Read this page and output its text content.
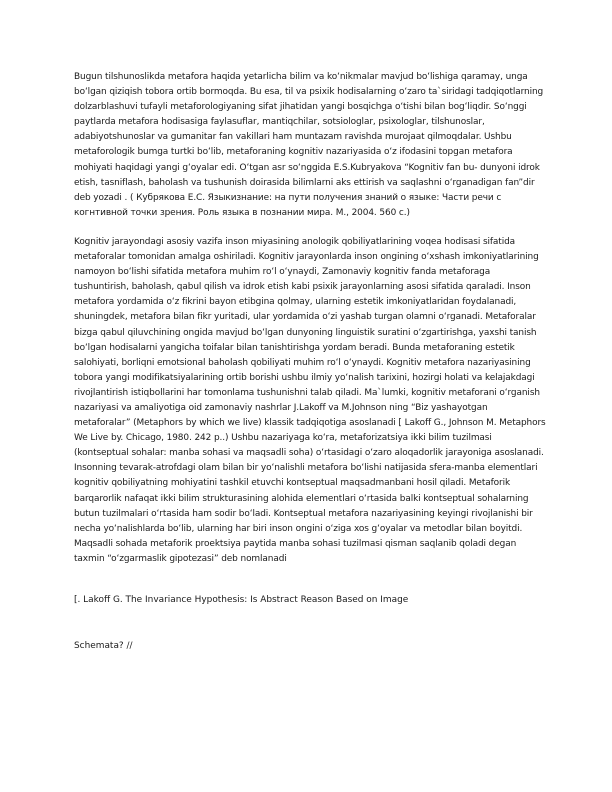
Bugun tilshunoslikda metafora haqida yetarlicha bilim va koʻnikmalar mavjud boʻlishiga qaramay, unga boʻlgan qiziqish tobora ortib bormoqda. Bu esa, til va psixik hodisalarning oʻzaro ta`siridagi tadqiqotlarning dolzarblashuvi tufayli metaforologiyaning sifat jihatidan yangi bosqichga oʻtishi bilan bogʻliqdir. Soʻnggi paytlarda metafora hodisasiga faylasuflar, mantiqchilar, sotsiologlar, psixologlar, tilshunoslar, adabiyotshunoslar va gumanitar fan vakillari ham muntazam ravishda murojaat qilmoqdalar. Ushbu metaforologik bumga turtki boʻlib, metaforaning kognitiv nazariyasida oʻz ifodasini topgan metafora mohiyati haqidagi yangi gʻoyalar edi. Oʻtgan asr soʻnggida E.S.Kubryakova “Kognitiv fan bu- dunyoni idrok etish, tasniflash, baholash va tushunish doirasida bilimlarni aks ettirish va saqlashni oʻrganadigan fan”dir deb yozadi . ( Кубрякова Е.С. Языкизнание: на пути получения знаний о языке: Части речи с когнтивной точки зрения. Роль языка в познании мира. М., 2004. 560 с.)

Kognitiv jarayondagi asosiy vazifa inson miyasining anologik qobiliyatlarining voqea hodisasi sifatida metaforalar tomonidan amalga oshiriladi. Kognitiv jarayonlarda inson ongining oʻxshash imkoniyatlarining namoyon boʻlishi sifatida metafora muhim roʻl oʻynaydi, Zamonaviy kognitiv fanda metaforaga tushuntirish, baholash, qabul qilish va idrok etish kabi psixik jarayonlarning asosi sifatida qaraladi. Inson metafora yordamida oʻz fikrini bayon etibgina qolmay, ularning estetik imkoniyatlaridan foydalanadi, shuningdek, metafora bilan fikr yuritadi, ular yordamida oʻzi yashab turgan olamni oʻrganadi. Metaforalar bizga qabul qiluvchining ongida mavjud boʻlgan dunyoning linguistik suratini oʻzgartirishga, yaxshi tanish boʻlgan hodisalarni yangicha toifalar bilan tanishtirishga yordam beradi. Bunda metaforaning estetik salohiyati, borliqni emotsional baholash qobiliyati muhim roʻl oʻynaydi. Kognitiv metafora nazariyasining tobora yangi modifikatsiyalarining ortib borishi ushbu ilmiy yoʻnalish tarixini, hozirgi holati va kelajakdagi rivojlantirish istiqbollarini har tomonlama tushunishni talab qiladi. Ma`lumki, kognitiv metaforani oʻrganish nazariyasi va amaliyotiga oid zamonaviy nashrlar J.Lakoff va M.Johnson ning “Biz yashayotgan metaforalar” (Metaphors by which we live) klassik tadqiqotiga asoslanadi [ Lakoff G., Johnson M. Metaphors We Live by. Chicago, 1980. 242 p..) Ushbu nazariyaga koʻra, metaforizatsiya ikki bilim tuzilmasi (kontseptual sohalar: manba sohasi va maqsadli soha) oʻrtasidagi oʻzaro aloqadorlik jarayoniga asoslanadi. Insonning tevarak-atrofdagi olam bilan bir yoʻnalishli metafora boʻlishi natijasida sfera-manba elementlari kognitiv qobiliyatning mohiyatini tashkil etuvchi kontseptual maqsadmanbani hosil qiladi. Metaforik barqarorlik nafaqat ikki bilim strukturasining alohida elementlari oʻrtasida balki kontseptual sohalarning butun tuzilmalari oʻrtasida ham sodir boʻladi. Kontseptual metafora nazariyasining keyingi rivojlanishi bir necha yoʻnalishlarda boʻlib, ularning har biri inson ongini oʻziga xos gʻoyalar va metodlar bilan boyitdi. Maqsadli sohada metaforik proektsiya paytida manba sohasi tuzilmasi qisman saqlanib qoladi degan taxmin “oʻzgarmaslik gipotezasi” deb nomlanadi

[. Lakoff G. The Invariance Hypothesis: Is Abstract Reason Based on Image

Schemata? //
